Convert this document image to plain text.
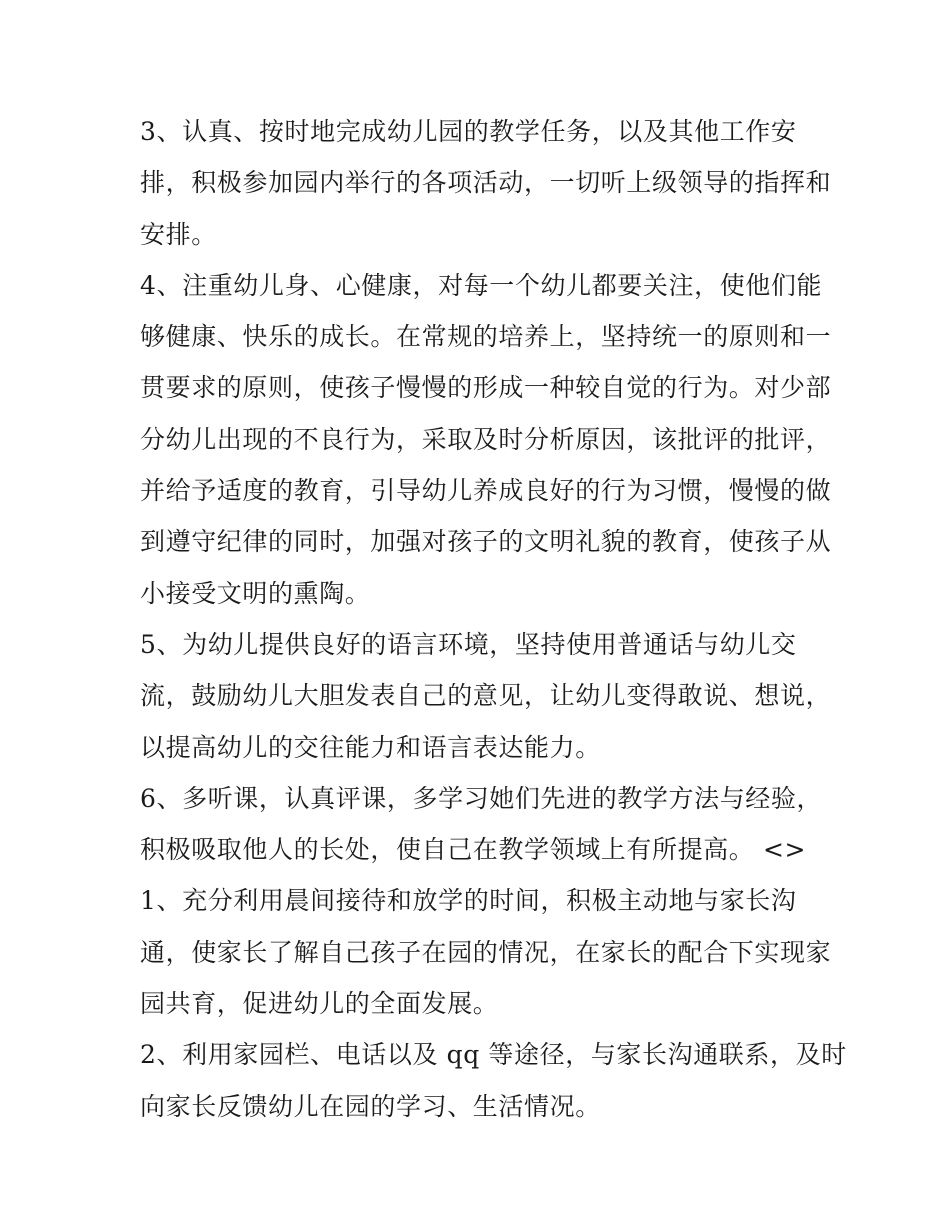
3、认真、按时地完成幼儿园的教学任务，以及其他工作安
排，积极参加园内举行的各项活动，一切听上级领导的指挥和
安排。
4、注重幼儿身、心健康，对每一个幼儿都要关注，使他们能
够健康、快乐的成长。在常规的培养上，坚持统一的原则和一
贯要求的原则，使孩子慢慢的形成一种较自觉的行为。对少部
分幼儿出现的不良行为，采取及时分析原因，该批评的批评，
并给予适度的教育，引导幼儿养成良好的行为习惯，慢慢的做
到遵守纪律的同时，加强对孩子的文明礼貌的教育，使孩子从
小接受文明的熏陶。
5、为幼儿提供良好的语言环境，坚持使用普通话与幼儿交
流，鼓励幼儿大胆发表自己的意见，让幼儿变得敢说、想说，
以提高幼儿的交往能力和语言表达能力。
6、多听课，认真评课，多学习她们先进的教学方法与经验，
积极吸取他人的长处，使自己在教学领域上有所提高。 <>
1、充分利用晨间接待和放学的时间，积极主动地与家长沟
通，使家长了解自己孩子在园的情况，在家长的配合下实现家
园共育，促进幼儿的全面发展。
2、利用家园栏、电话以及 qq 等途径，与家长沟通联系，及时
向家长反馈幼儿在园的学习、生活情况。
